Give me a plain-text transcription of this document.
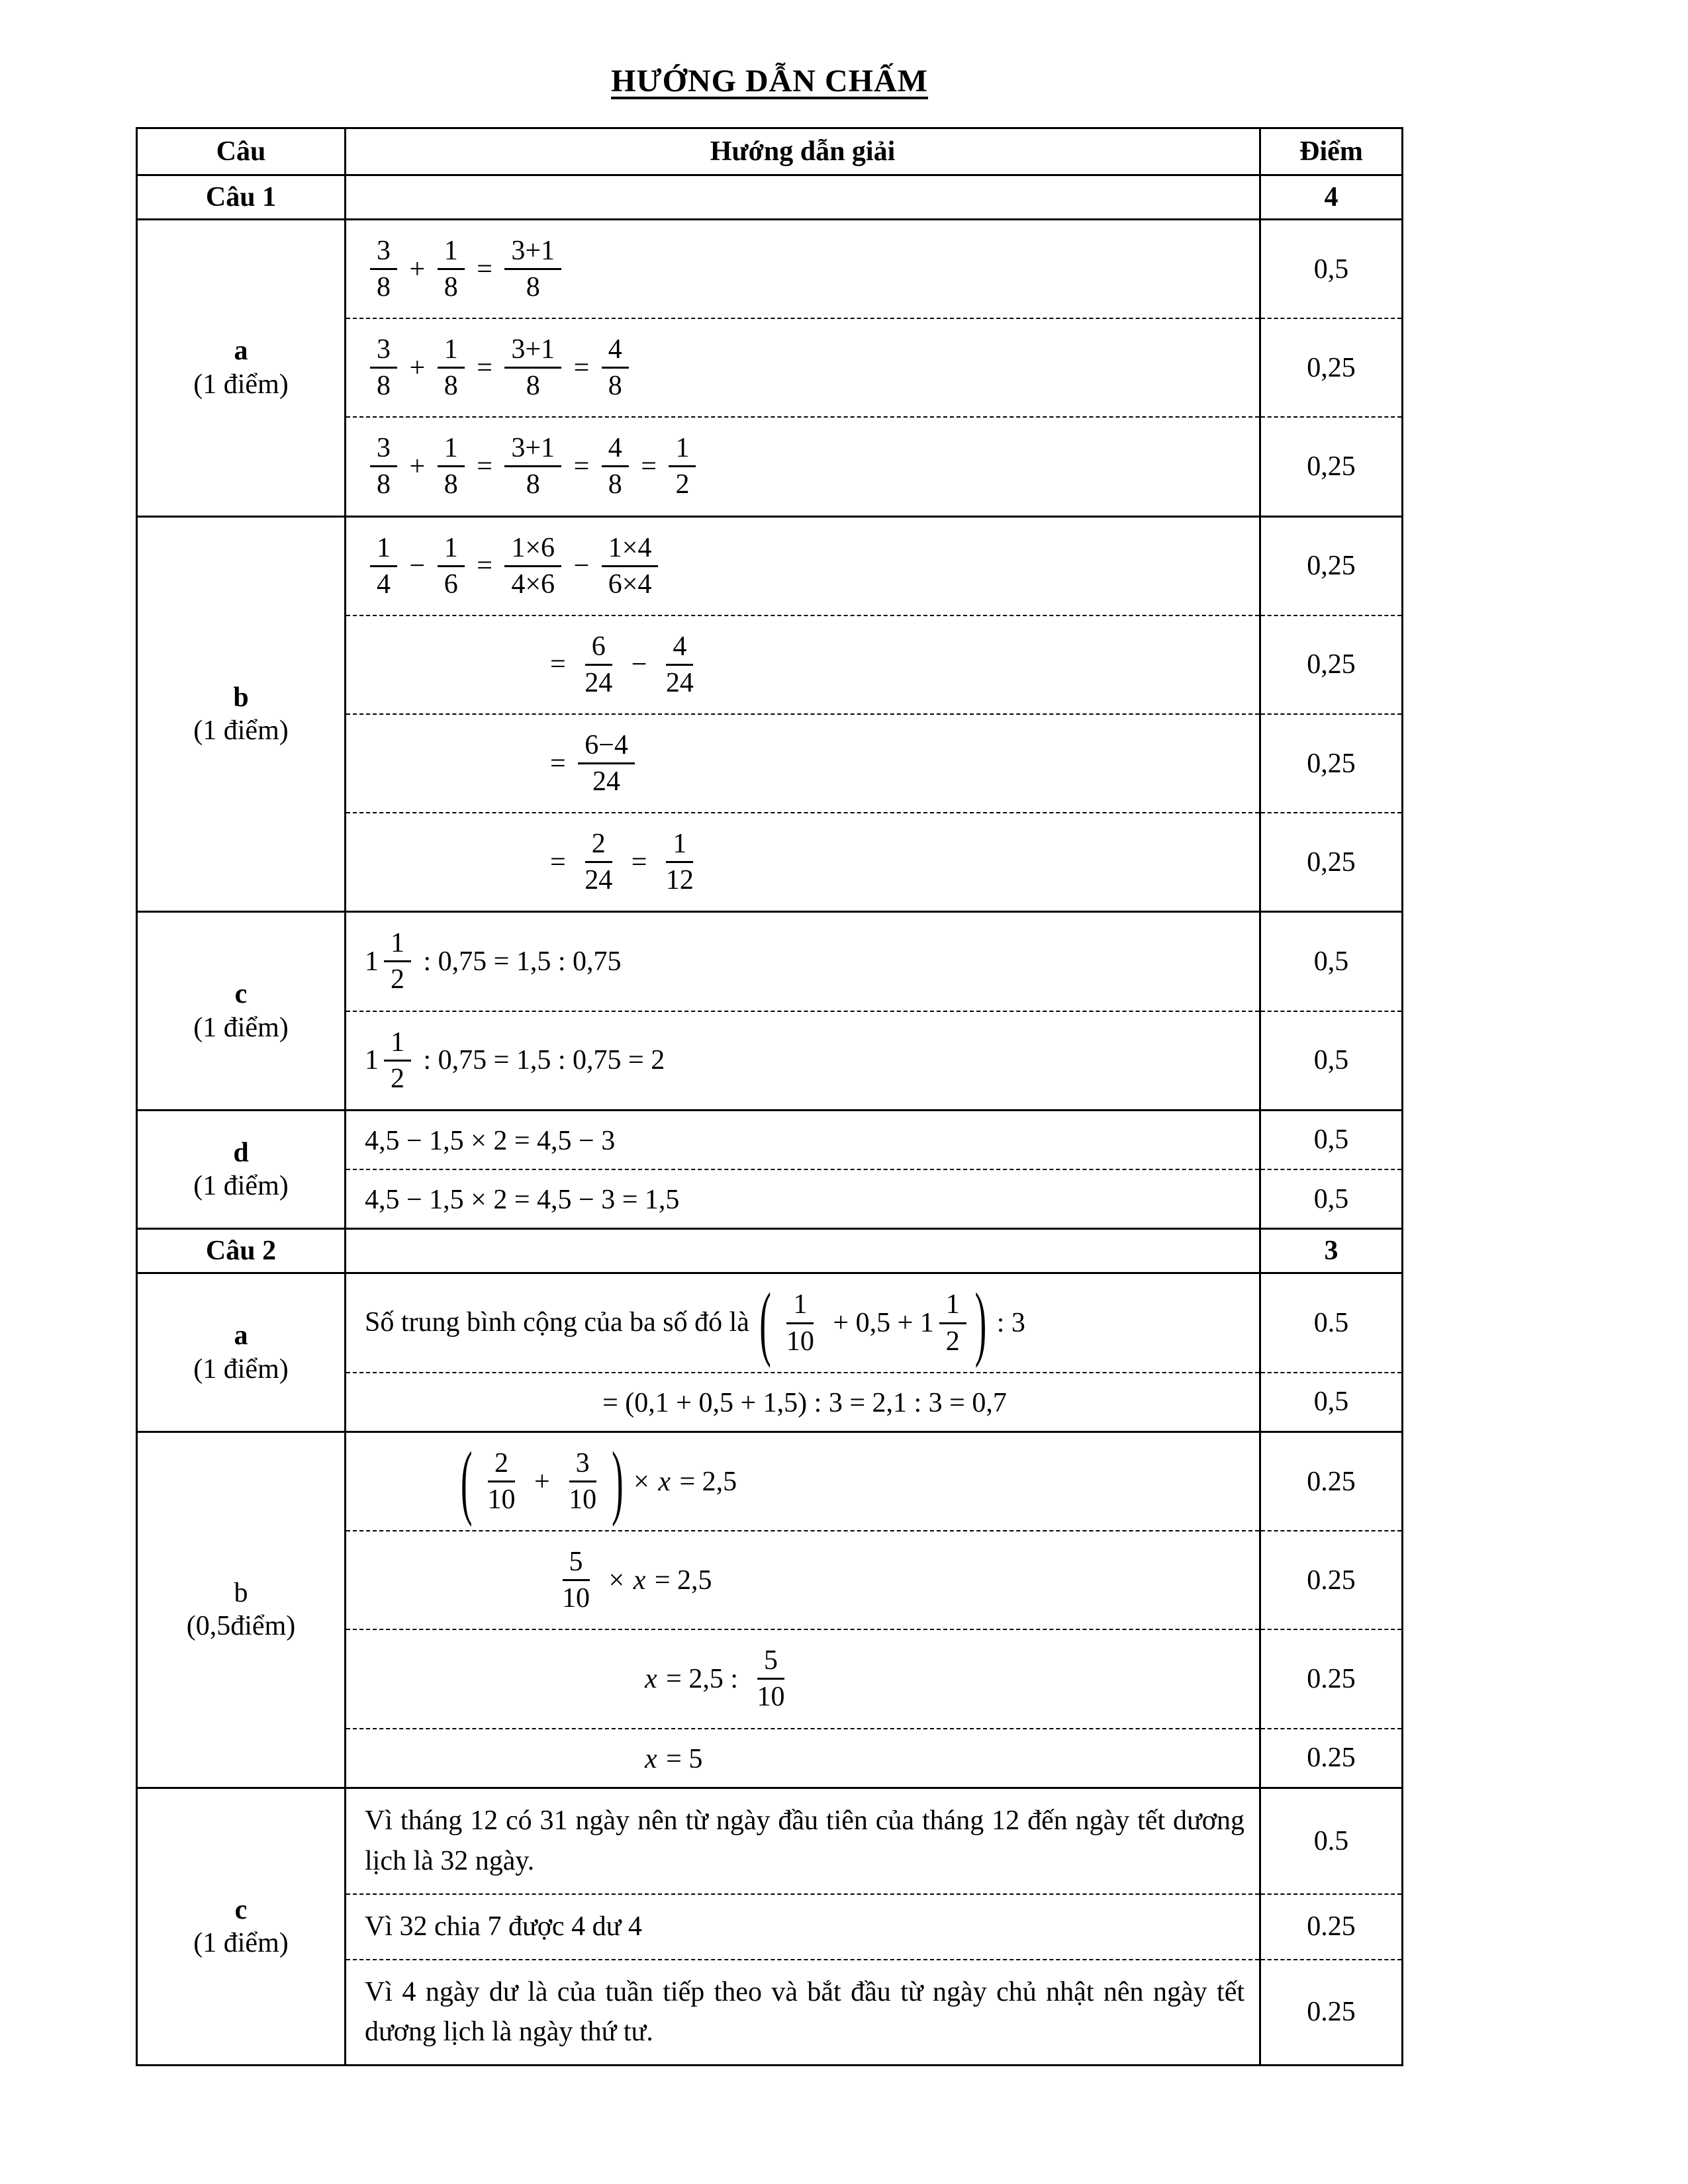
HƯỚNG DẪN CHẤM
Câu	Hướng dẫn giải	Điểm
Câu 1		4

a
(1 điểm)

$\frac{3}{8} + \frac{1}{8} = \frac{3+1}{8}$	0,5

$\frac{3}{8} + \frac{1}{8} = \frac{3+1}{8} = \frac{4}{8}$	0,25

$\frac{3}{8} + \frac{1}{8} = \frac{3+1}{8} = \frac{4}{8} = \frac{1}{2}$	0,25

b
(1 điểm)

$\frac{1}{4} - \frac{1}{6} = \frac{1\times 6}{4\times 6} - \frac{1\times 4}{6\times 4}$	0,25

= $\frac{6}{24} - \frac{4}{24}$	0,25

	= $\frac{6-4}{24}$	0,25

= $\frac{2}{24} = \frac{1}{12}$	0,25

c
(1 điểm)

$1 \frac{1}{2}$ : 0,75 = 1,5 : 0,75	0,5

	$1 \frac{1}{2}$ : 0,75 = 1,5 : 0,75 = 2	0,5

d
(1 điểm)	4,5 − 1,5 × 2 = 4,5 − 3	0,5

	4,5 − 1,5 × 2 = 4,5 − 3 = 1,5	0,5
Câu 2		3

a
(1 điểm)
	Số trung bình cộng của ba số đó là ( $\frac{1}{10} + 0,5 + 1 \frac{1}{2}$ ) : 3	0.5

	= (0,1 + 0,5 + 1,5) : 3 = 2,1 : 3 = 0,7	0,5

b
(0,5điểm)

( $\frac{2}{10} + \frac{3}{10}$ ) × x = 2,5	0.25

	$\frac{5}{10} \times x = 2,5$	0.25

	x = 2,5 : $\frac{5}{10}$	0.25

	x = 5	0.25

c
(1 điểm)	Vì tháng 12 có 31 ngày nên từ ngày đầu tiên của tháng 12 đến ngày tết dương lịch là 32 ngày.	0.5
	Vì 32 chia 7 được 4 dư 4	0.25
	Vì 4 ngày dư là của tuần tiếp theo và bắt đầu từ ngày chủ nhật nên ngày tết dương lịch là ngày thứ tư.	0.25
